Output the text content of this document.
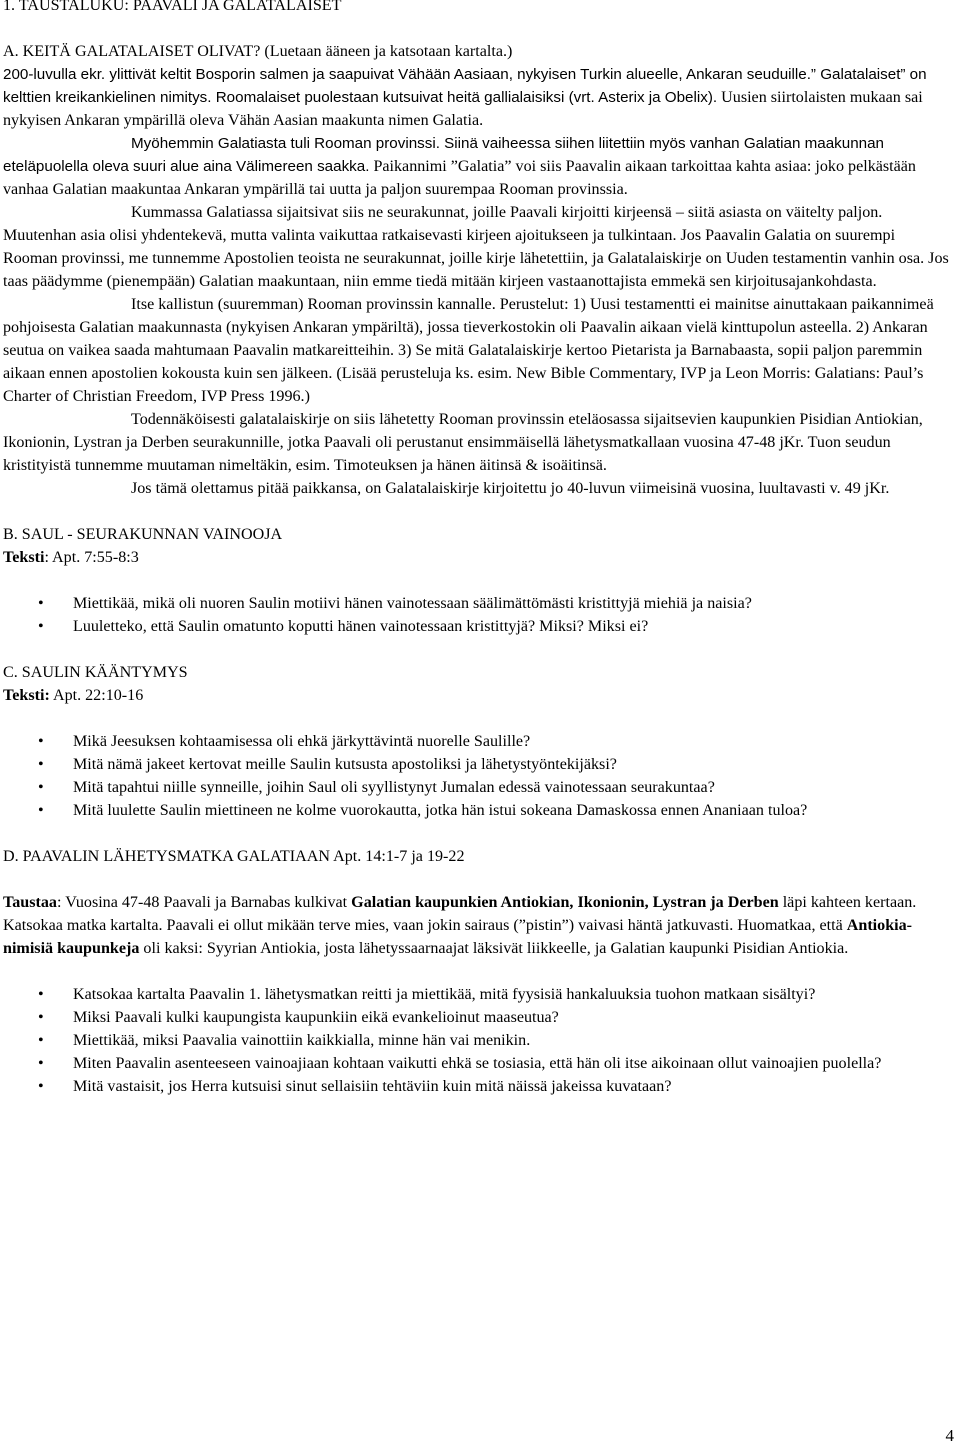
1. TAUSTALUKU: PAAVALI JA GALATALAISET

A. KEITÄ GALATALAISET OLIVAT? (Luetaan ääneen ja katsotaan kartalta.)

200-luvulla ekr. ylittivät keltit Bosporin salmen ja saapuivat Vähään Aasiaan, nykyisen Turkin alueelle, Ankaran seuduille.” Galatalaiset” on kelttien kreikankielinen nimitys. Roomalaiset puolestaan kutsuivat heitä gallialaisiksi (vrt. Asterix ja Obelix). Uusien siirtolaisten mukaan sai nykyisen Ankaran ympärillä oleva Vähän Aasian maakunta nimen Galatia.

Myöhemmin Galatiasta tuli Rooman provinssi. Siinä vaiheessa siihen liitettiin myös vanhan Galatian maakunnan eteläpuolella oleva suuri alue aina Välimereen saakka. Paikannimi ”Galatia” voi siis Paavalin aikaan tarkoittaa kahta asiaa: joko pelkästään vanhaa Galatian maakuntaa Ankaran ympärillä tai uutta ja paljon suurempaa Rooman provinssia.

Kummassa Galatiassa sijaitsivat siis ne seurakunnat, joille Paavali kirjoitti kirjeensä – siitä asiasta on väitelty paljon. Muutenhan asia olisi yhdentekevä, mutta valinta vaikuttaa ratkaisevasti kirjeen ajoitukseen ja tulkintaan. Jos Paavalin Galatia on suurempi Rooman provinssi, me tunnemme Apostolien teoista ne seurakunnat, joille kirje lähetettiin, ja Galatalaiskirje on Uuden testamentin vanhin osa. Jos taas päädymme (pienempään) Galatian maakuntaan, niin emme tiedä mitään kirjeen vastaanottajista emmekä sen kirjoitusajankohdasta.

Itse kallistun (suuremman) Rooman provinssin kannalle. Perustelut: 1) Uusi testamentti ei mainitse ainuttakaan paikannimeä pohjoisesta Galatian maakunnasta (nykyisen Ankaran ympäriltä), jossa tieverkostokin oli Paavalin aikaan vielä kinttupolun asteella. 2) Ankaran seutua on vaikea saada mahtumaan Paavalin matkareitteihin. 3) Se mitä Galatalaiskirje kertoo Pietarista ja Barnabaasta, sopii paljon paremmin aikaan ennen apostolien kokousta kuin sen jälkeen. (Lisää perusteluja ks. esim. New Bible Commentary, IVP ja Leon Morris: Galatians: Paul’s Charter of Christian Freedom, IVP Press 1996.)

Todennäköisesti galatalaiskirje on siis lähetetty Rooman provinssin eteläosassa sijaitsevien kaupunkien Pisidian Antiokian, Ikonionin, Lystran ja Derben seurakunnille, jotka Paavali oli perustanut ensimmäisellä lähetysmatkallaan vuosina 47-48 jKr. Tuon seudun kristityistä tunnemme muutaman nimeltäkin, esim. Timoteuksen ja hänen äitinsä & isoäitinsä.

Jos tämä olettamus pitää paikkansa, on Galatalaiskirje kirjoitettu jo 40-luvun viimeisinä vuosina, luultavasti v. 49 jKr.

B. SAUL - SEURAKUNNAN VAINOOJA

Teksti: Apt. 7:55-8:3

• Miettikää, mikä oli nuoren Saulin motiivi hänen vainotessaan säälimättömästi kristittyjä miehiä ja naisia?
• Luuletteko, että Saulin omatunto koputti hänen vainotessaan kristittyjä? Miksi? Miksi ei?

C. SAULIN KÄÄNTYMYS

Teksti: Apt. 22:10-16

• Mikä Jeesuksen kohtaamisessa oli ehkä järkyttävintä nuorelle Saulille?
• Mitä nämä jakeet kertovat meille Saulin kutsusta apostoliksi ja lähetystyöntekijäksi?
• Mitä tapahtui niille synneille, joihin Saul oli syyllistynyt Jumalan edessä vainotessaan seurakuntaa?
• Mitä luulette Saulin miettineen ne kolme vuorokautta, jotka hän istui sokeana Damaskossa ennen Ananiaan tuloa?

D. PAAVALIN LÄHETYSMATKA GALATIAAN Apt. 14:1-7 ja 19-22

Taustaa: Vuosina 47-48 Paavali ja Barnabas kulkivat Galatian kaupunkien Antiokian, Ikonionin, Lystran ja Derben läpi kahteen kertaan. Katsokaa matka kartalta. Paavali ei ollut mikään terve mies, vaan jokin sairaus (”pistin”) vaivasi häntä jatkuvasti. Huomatkaa, että Antiokia-nimisiä kaupunkeja oli kaksi: Syyrian Antiokia, josta lähetyssaarnaajat läksivät liikkeelle, ja Galatian kaupunki Pisidian Antiokia.

• Katsokaa kartalta Paavalin 1. lähetysmatkan reitti ja miettikää, mitä fyysisiä hankaluuksia tuohon matkaan sisältyi?
• Miksi Paavali kulki kaupungista kaupunkiin eikä evankelioinut maaseutua?
• Miettikää, miksi Paavalia vainottiin kaikkialla, minne hän vai menikin.
• Miten Paavalin asenteeseen vainoajiaan kohtaan vaikutti ehkä se tosiasia, että hän oli itse aikoinaan ollut vainoajien puolella?
• Mitä vastaisit, jos Herra kutsuisi sinut sellaisiin tehtäviin kuin mitä näissä jakeissa kuvataan?
4
